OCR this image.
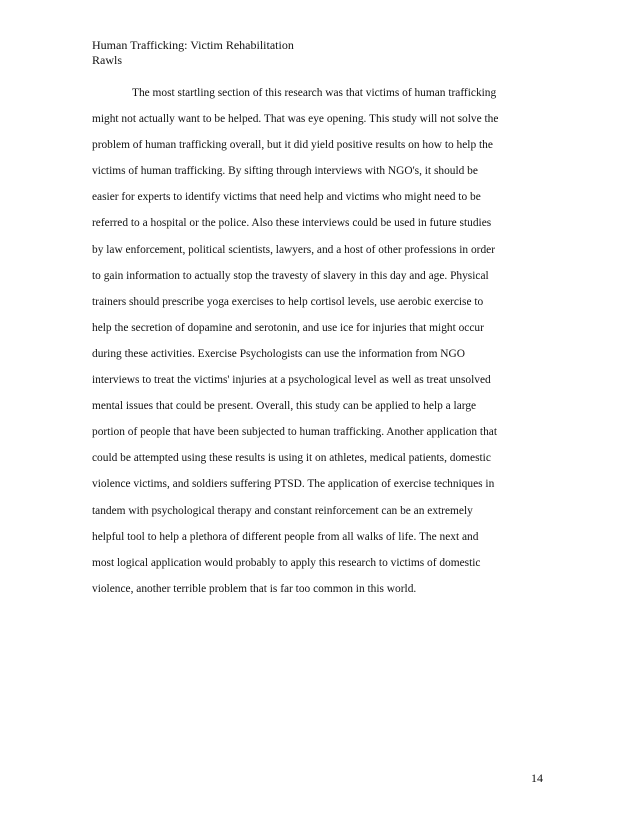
Human Trafficking: Victim Rehabilitation
Rawls
The most startling section of this research was that victims of human trafficking
might not actually want to be helped. That was eye opening. This study will not solve the
problem of human trafficking overall, but it did yield positive results on how to help the
victims of human trafficking. By sifting through interviews with NGO's, it should be
easier for experts to identify victims that need help and victims who might need to be
referred to a hospital or the police. Also these interviews could be used in future studies
by law enforcement, political scientists, lawyers, and a host of other professions in order
to gain information to actually stop the travesty of slavery in this day and age. Physical
trainers should prescribe yoga exercises to help cortisol levels, use aerobic exercise to
help the secretion of dopamine and serotonin, and use ice for injuries that might occur
during these activities. Exercise Psychologists can use the information from NGO
interviews to treat the victims' injuries at a psychological level as well as treat unsolved
mental issues that could be present. Overall, this study can be applied to help a large
portion of people that have been subjected to human trafficking. Another application that
could be attempted using these results is using it on athletes, medical patients, domestic
violence victims, and soldiers suffering PTSD. The application of exercise techniques in
tandem with psychological therapy and constant reinforcement can be an extremely
helpful tool to help a plethora of different people from all walks of life. The next and
most logical application would probably to apply this research to victims of domestic
violence, another terrible problem that is far too common in this world.
14
